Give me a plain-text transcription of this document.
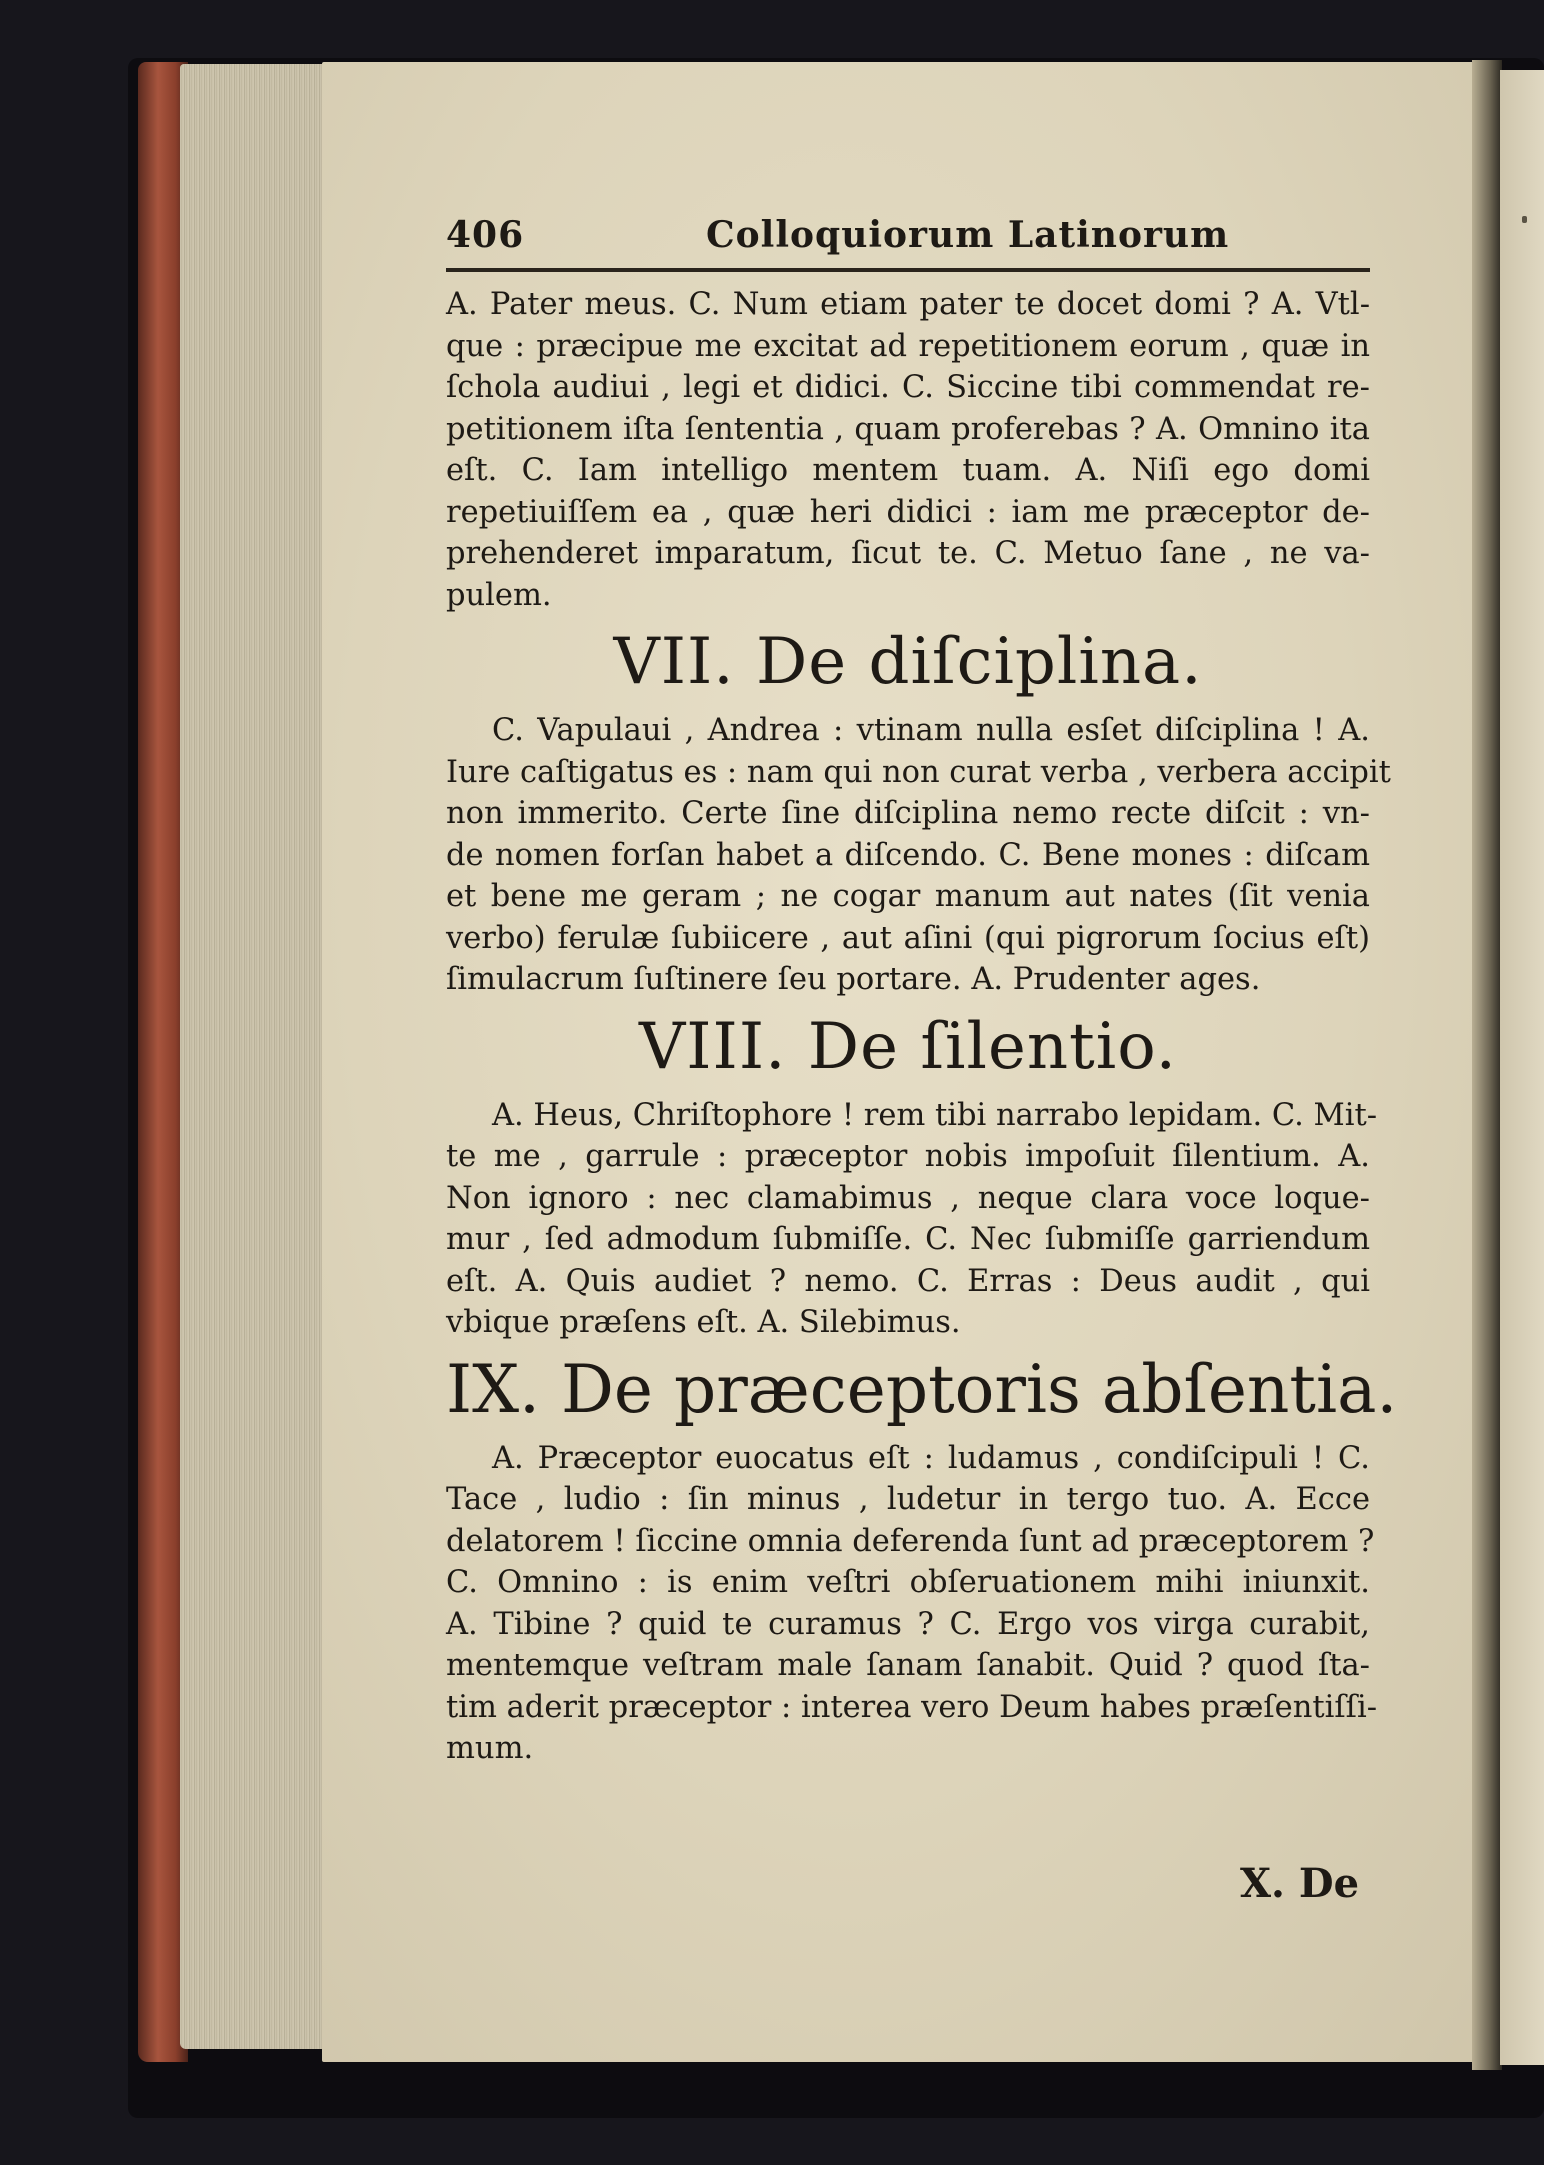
406	Colloquiorum Latinorum

A. Pater meus. C. Num etiam pater te docet domi ? A. Vtl-
que : præcipue me excitat ad repetitionem eorum , quæ in
ſchola audiui , legi et didici. C. Siccine tibi commendat re-
petitionem iſta ſententia , quam proferebas ? A. Omnino ita
eſt. C. Iam intelligo mentem tuam. A. Niſi ego domi
repetiuiſſem ea , quæ heri didici : iam me præceptor de-
prehenderet imparatum, ſicut te. C. Metuo ſane , ne va-
pulem.

VII. De diſciplina.

C. Vapulaui , Andrea : vtinam nulla esſet diſciplina ! A.
Iure caſtigatus es : nam qui non curat verba , verbera accipit
non immerito. Certe ſine diſciplina nemo recte diſcit : vn-
de nomen forſan habet a diſcendo. C. Bene mones : diſcam
et bene me geram ; ne cogar manum aut nates (ſit venia
verbo) ferulæ ſubiicere , aut aſini (qui pigrorum ſocius eſt)
ſimulacrum ſuſtinere ſeu portare. A. Prudenter ages.

VIII. De ſilentio.

A. Heus, Chriſtophore ! rem tibi narrabo lepidam. C. Mit-
te me , garrule : præceptor nobis impoſuit ſilentium. A.
Non ignoro : nec clamabimus , neque clara voce loque-
mur , ſed admodum ſubmiſſe. C. Nec ſubmiſſe garriendum
eſt. A. Quis audiet ? nemo. C. Erras : Deus audit , qui
vbique præſens eſt. A. Silebimus.

IX. De præceptoris abſentia.

A. Præceptor euocatus eſt : ludamus , condiſcipuli ! C.
Tace , ludio : ſin minus , ludetur in tergo tuo. A. Ecce
delatorem ! ſiccine omnia deferenda ſunt ad præceptorem ?
C. Omnino : is enim veſtri obſeruationem mihi iniunxit.
A. Tibine ? quid te curamus ? C. Ergo vos virga curabit,
mentemque veſtram male ſanam ſanabit. Quid ? quod ſta-
tim aderit præceptor : interea vero Deum habes præſentiſſi-
mum.

X. De
